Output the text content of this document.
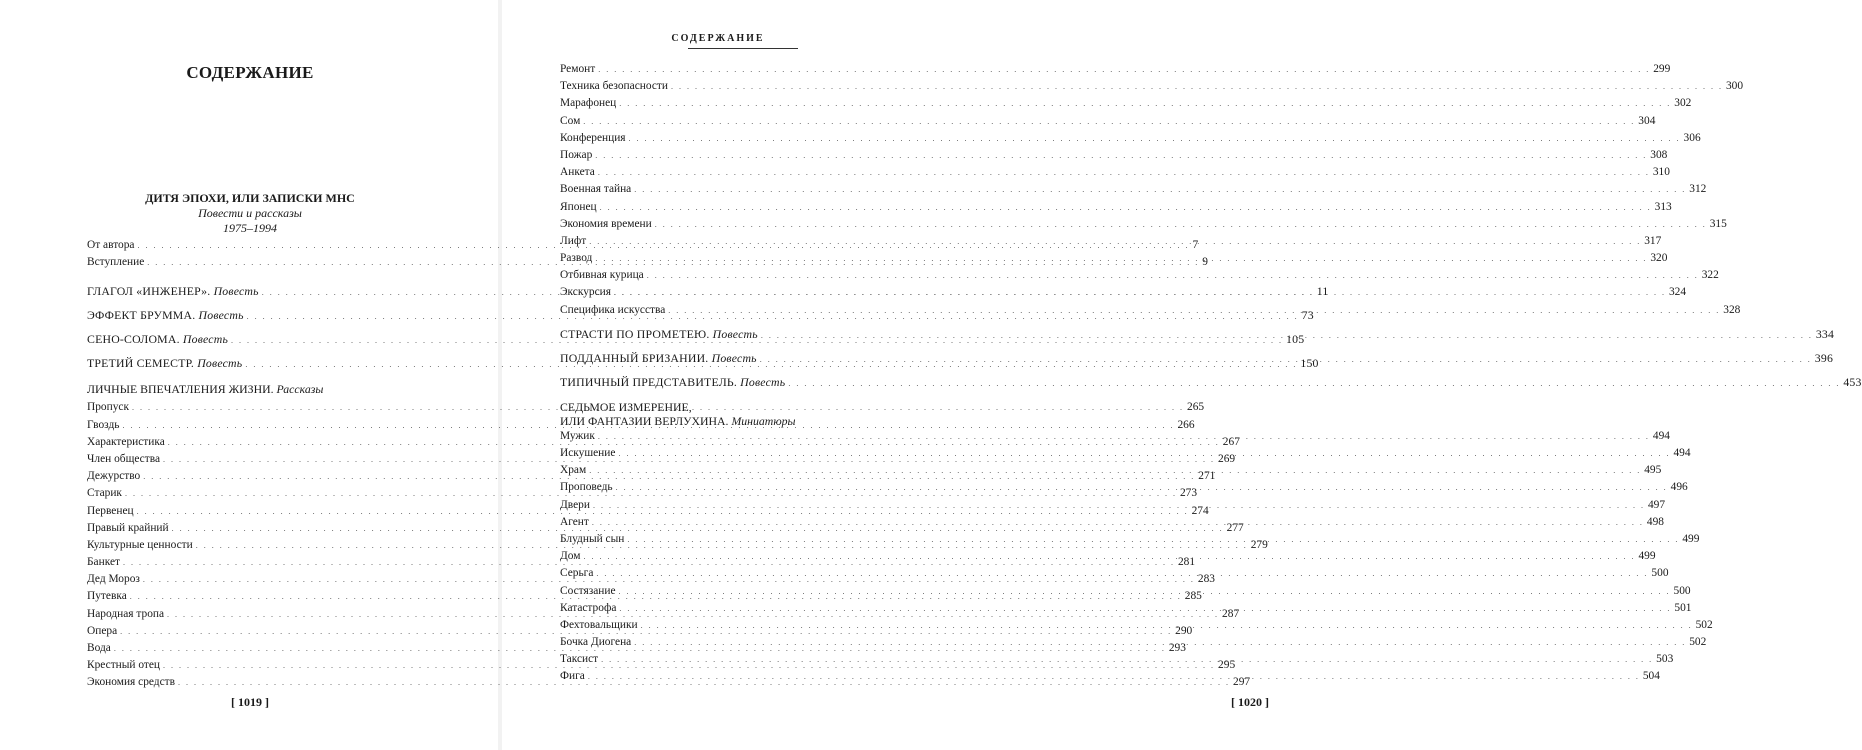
СОДЕРЖАНИЕ
ДИТЯ ЭПОХИ, ИЛИ ЗАПИСКИ МНС
Повести и рассказы
1975–1994
От автора . . .	7
Вступление . . .	9
ГЛАГОЛ «ИНЖЕНЕР». Повесть . . .	11
ЭФФЕКТ БРУММА. Повесть . . .	73
СЕНО-СОЛОМА. Повесть . . .	105
ТРЕТИЙ СЕМЕСТР. Повесть . . .	150
ЛИЧНЫЕ ВПЕЧАТЛЕНИЯ ЖИЗНИ. Рассказы
Пропуск . . .	265
Гвоздь . . .	266
Характеристика . . .	267
Член общества . . .	269
Дежурство . . .	271
Старик . . .	273
Первенец . . .	274
Правый крайний . . .	277
Культурные ценности . . .	279
Банкет . . .	281
Дед Мороз . . .	283
Путевка . . .	285
Народная тропа . . .	287
Опера . . .	290
Вода . . .	293
Крестный отец . . .	295
Экономия средств . . .	297
[ 1019 ]	[ 1020 ]
СОДЕРЖАНИЕ
Ремонт . . .	299
Техника безопасности . . .	300
Марафонец . . .	302
Сом . . .	304
Конференция . . .	306
Пожар . . .	308
Анкета . . .	310
Военная тайна . . .	312
Японец . . .	313
Экономия времени . . .	315
Лифт . . .	317
Развод . . .	320
Отбивная курица . . .	322
Экскурсия . . .	324
Специфика искусства . . .	328
СТРАСТИ ПО ПРОМЕТЕЮ. Повесть . . .	334
ПОДДАННЫЙ БРИЗАНИИ. Повесть . . .	396
ТИПИЧНЫЙ ПРЕДСТАВИТЕЛЬ. Повесть . . .	453
СЕДЬМОЕ ИЗМЕРЕНИЕ,
ИЛИ ФАНТАЗИИ ВЕРЛУХИНА. Миниатюры
Мужик . . .	494
Искушение . . .	494
Храм . . .	495
Проповедь . . .	496
Двери . . .	497
Агент . . .	498
Блудный сын . . .	499
Дом . . .	499
Серьга . . .	500
Состязание . . .	500
Катастрофа . . .	501
Фехтовальщики . . .	502
Бочка Диогена . . .	502
Таксист . . .	503
Фига . . .	504
